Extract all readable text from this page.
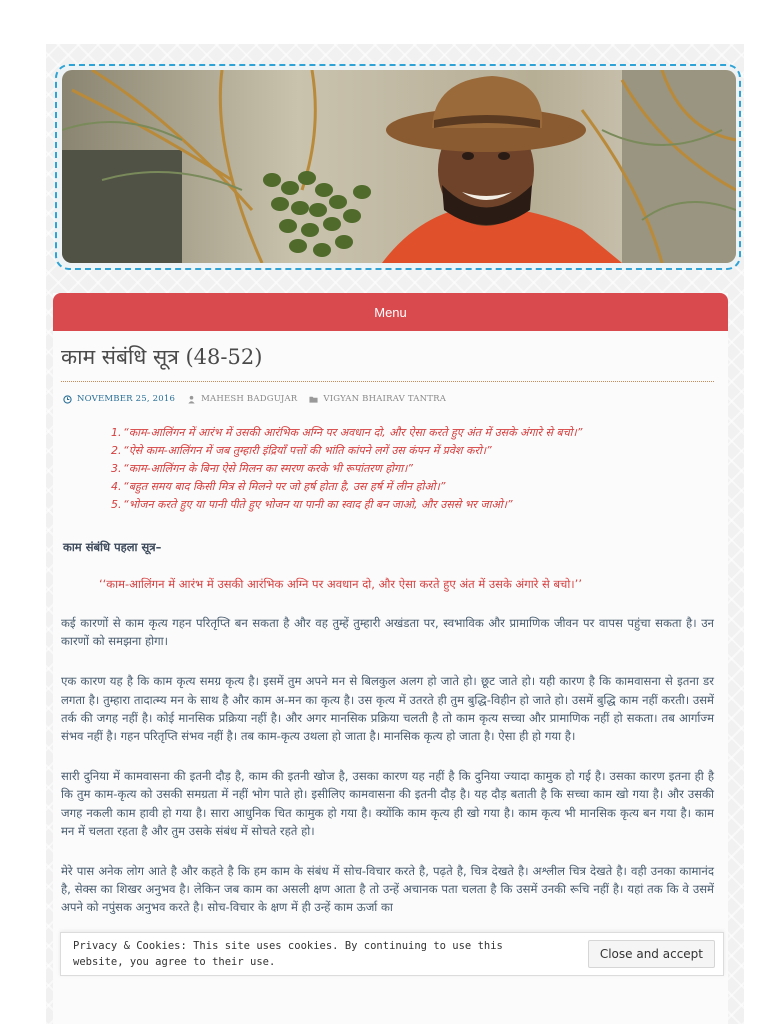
Menu
काम संबंधि सूत्र (48-52)
NOVEMBER 25, 2016	MAHESH BADGUJAR	VIGYAN BHAIRAV TANTRA
1. “काम-आलिंगन में आरंभ में उसकी आरंभिक अग्नि पर अवधान दो, और ऐसा करते हुए अंत में उसके अंगारे से बचो।”
2. “ऐसे काम-आलिंगन में जब तुम्हारी इंद्रियाँ पत्तों की भांति कांपने लगें उस कंपन में प्रवेश करो।”
3. “काम-आलिंगन के बिना ऐसे मिलन का स्मरण करके भी रूपांतरण होगा।”
4. “बहुत समय बाद किसी मित्र से मिलने पर जो हर्ष होता है, उस हर्ष में लीन होओ।”
5. “भोजन करते हुए या पानी पीते हुए भोजन या पानी का स्वाद ही बन जाओ, और उससे भर जाओ।”
काम संबंधि पहला सूत्र–
‘‘काम-आलिंगन में आरंभ में उसकी आरंभिक अग्नि पर अवधान दो, और ऐसा करते हुए अंत में उसके अंगारे से बचो।’’

कई कारणों से काम कृत्य गहन परितृप्ति बन सकता है और वह तुम्हें तुम्हारी अखंडता पर, स्वभाविक और प्रामाणिक जीवन पर वापस पहुंचा सकता है। उन कारणों को समझना होगा।

एक कारण यह है कि काम कृत्य समग्र कृत्य है। इसमें तुम अपने मन से बिलकुल अलग हो जाते हो। छूट जाते हो। यही कारण है कि कामवासना से इतना डर लगता है। तुम्हारा तादात्म्य मन के साथ है और काम अ-मन का कृत्य है। उस कृत्य में उतरते ही तुम बुद्धि-विहीन हो जाते हो। उसमें बुद्धि काम नहीं करती। उसमें तर्क की जगह नहीं है। कोई मानसिक प्रक्रिया नहीं है। और अगर मानसिक प्रक्रिया चलती है तो काम कृत्य सच्चा और प्रामाणिक नहीं हो सकता। तब आर्गाज्म संभव नहीं है। गहन परितृप्ति संभव नहीं है। तब काम-कृत्य उथला हो जाता है। मानसिक कृत्य हो जाता है। ऐसा ही हो गया है।

सारी दुनिया में कामवासना की इतनी दौड़ है, काम की इतनी खोज है, उसका कारण यह नहीं है कि दुनिया ज्यादा कामुक हो गई है। उसका कारण इतना ही है कि तुम काम-कृत्य को उसकी समग्रता में नहीं भोग पाते हो। इसीलिए कामवासना की इतनी दौड़ है। यह दौड़ बताती है कि सच्चा काम खो गया है। और उसकी जगह नकली काम हावी हो गया है। सारा आधुनिक चित कामुक हो गया है। क्योंकि काम कृत्य ही खो गया है। काम कृत्य भी मानसिक कृत्य बन गया है। काम मन में चलता रहता है और तुम उसके संबंध में सोचते रहते हो।

मेरे पास अनेक लोग आते है और कहते है कि हम काम के संबंध में सोच-विचार करते है, पढ़ते है, चित्र देखते है। अश्लील चित्र देखते है। वही उनका कामानंद है, सेक्स का शिखर अनुभव है। लेकिन जब काम का असली क्षण आता है तो उन्हें अचानक पता चलता है कि उसमें उनकी रूचि नहीं है। यहां तक कि वे उसमें अपने को नपुंसक अनुभव करते है। सोच-विचार के क्षण में ही उन्हें काम ऊर्जा का

Privacy & Cookies: This site uses cookies. By continuing to use this website, you agree to their use.
Close and accept
